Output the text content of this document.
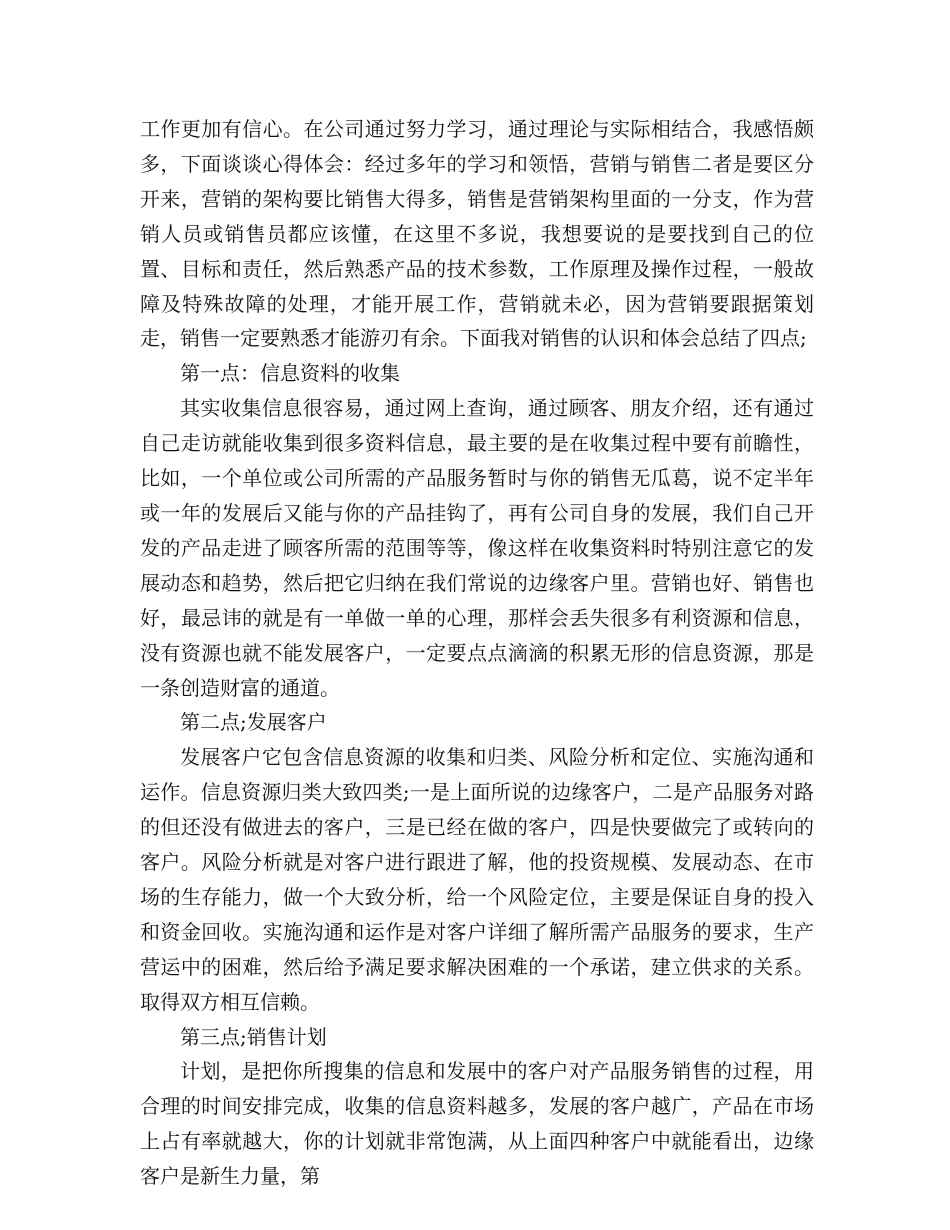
工作更加有信心。在公司通过努力学习，通过理论与实际相结合，我感悟颇多，下面谈谈心得体会：经过多年的学习和领悟，营销与销售二者是要区分开来，营销的架构要比销售大得多，销售是营销架构里面的一分支，作为营销人员或销售员都应该懂，在这里不多说，我想要说的是要找到自己的位置、目标和责任，然后熟悉产品的技术参数，工作原理及操作过程，一般故障及特殊故障的处理，才能开展工作，营销就未必，因为营销要跟据策划走，销售一定要熟悉才能游刃有余。下面我对销售的认识和体会总结了四点;

第一点：信息资料的收集

其实收集信息很容易，通过网上查询，通过顾客、朋友介绍，还有通过自己走访就能收集到很多资料信息，最主要的是在收集过程中要有前瞻性，比如，一个单位或公司所需的产品服务暂时与你的销售无瓜葛，说不定半年或一年的发展后又能与你的产品挂钩了，再有公司自身的发展，我们自己开发的产品走进了顾客所需的范围等等，像这样在收集资料时特别注意它的发展动态和趋势，然后把它归纳在我们常说的边缘客户里。营销也好、销售也好，最忌讳的就是有一单做一单的心理，那样会丢失很多有利资源和信息，没有资源也就不能发展客户，一定要点点滴滴的积累无形的信息资源，那是一条创造财富的通道。

第二点;发展客户

发展客户它包含信息资源的收集和归类、风险分析和定位、实施沟通和运作。信息资源归类大致四类;一是上面所说的边缘客户，二是产品服务对路的但还没有做进去的客户，三是已经在做的客户，四是快要做完了或转向的客户。风险分析就是对客户进行跟进了解，他的投资规模、发展动态、在市场的生存能力，做一个大致分析，给一个风险定位，主要是保证自身的投入和资金回收。实施沟通和运作是对客户详细了解所需产品服务的要求，生产营运中的困难，然后给予满足要求解决困难的一个承诺，建立供求的关系。取得双方相互信赖。

第三点;销售计划

计划，是把你所搜集的信息和发展中的客户对产品服务销售的过程，用合理的时间安排完成，收集的信息资料越多，发展的客户越广，产品在市场上占有率就越大，你的计划就非常饱满，从上面四种客户中就能看出，边缘客户是新生力量，第
